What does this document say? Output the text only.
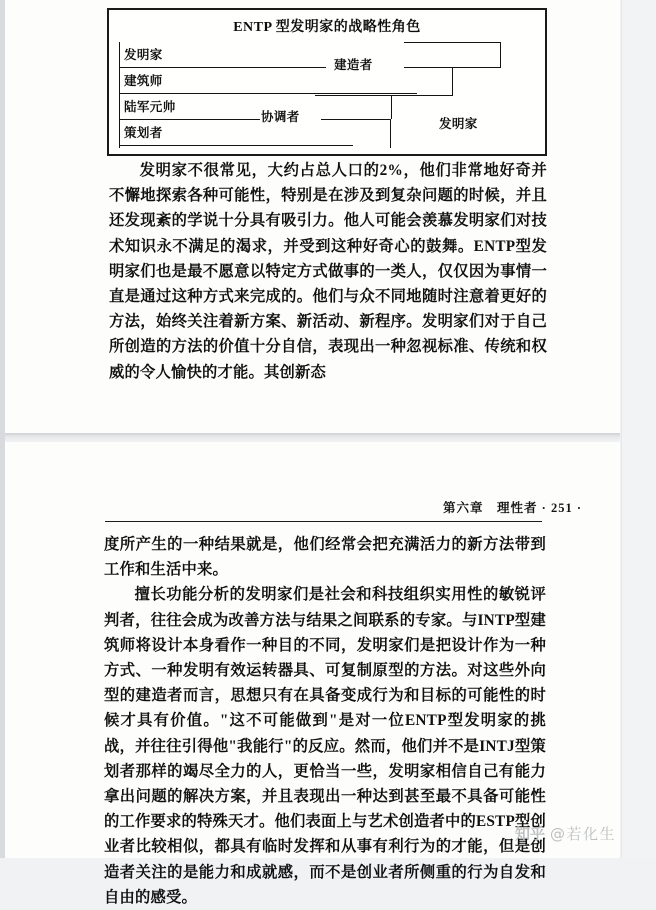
ENTP 型发明家的战略性角色
发明家
建筑师
陆军元帅
策划者
建造者
协调者	发明家
发明家不很常见，大约占总人口的2%，他们非常地好奇并不懈地探索各种可能性，特别是在涉及到复杂问题的时候，并且还发现紊的学说十分具有吸引力。他人可能会羡慕发明家们对技术知识永不满足的渴求，并受到这种好奇心的鼓舞。ENTP型发明家们也是最不愿意以特定方式做事的一类人，仅仅因为事情一直是通过这种方式来完成的。他们与众不同地随时注意着更好的方法，始终关注着新方案、新活动、新程序。发明家们对于自己所创造的方法的价值十分自信，表现出一种忽视标准、传统和权威的令人愉快的才能。其创新态
第六章　理性者 · 251 ·
度所产生的一种结果就是，他们经常会把充满活力的新方法带到工作和生活中来。
擅长功能分析的发明家们是社会和科技组织实用性的敏锐评判者，往往会成为改善方法与结果之间联系的专家。与INTP型建筑师将设计本身看作一种目的不同，发明家们是把设计作为一种方式、一种发明有效运转器具、可复制原型的方法。对这些外向型的建造者而言，思想只有在具备变成行为和目标的可能性的时候才具有价值。"这不可能做到"是对一位ENTP型发明家的挑战，并往往引得他"我能行"的反应。然而，他们并不是INTJ型策划者那样的竭尽全力的人，更恰当一些，发明家相信自己有能力拿出问题的解决方案，并且表现出一种达到甚至最不具备可能性的工作要求的特殊天才。他们表面上与艺术创造者中的ESTP型创业者比较相似，都具有临时发挥和从事有利行为的才能，但是创造者关注的是能力和成就感，而不是创业者所侧重的行为自发和自由的感受。
知乎 @若化生
